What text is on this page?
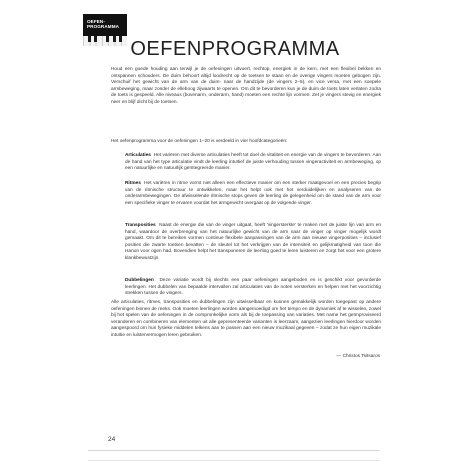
OEFEN-
PROGRAMMA
OEFENPROGRAMMA

Houd een goede houding aan terwijl je de oefeningen uitvoert, rechtop, energiek in de kern, met een flexibel bekken en ontspannen schouders. De duim behoort altijd loodrecht op de toetsen te staan en de overige vingers moeten gebogen zijn. Verschuif het gewicht van de arm van de duim- naar de handzijde (de vingers 2–5), en vice versa, met een soepele armbeweging, maar zonder de elleboog zijwaarts te openen. Om dit te bevorderen kun je de duim de toets laten verlaten zodra de toets is gespeeld. Alle niveaus (bovenarm, onderarm, hand) moeten een rechte lijn vormen. Zet je vingers stevig en energiek neer en blijf dicht bij de toetsen.

Het oefenprogramma voor de oefeningen 1–20 is verdeeld in vier hoofdcategorieën:

Articulaties Het variëren met diverse articulaties heeft tot doel de vitaliteit en energie van de vingers te bevorderen. Aan de hand van het type articulatie vindt de leerling intuïtief de juiste verhouding tussen vingeractiviteit en armbeweging, op een natuurlijke en natuurlijk geïntegreerde manier.
Ritmes Het variëren in ritme vormt niet alleen een effectieve manier om een sterker maatgevoel en een precies begrip van de ritmische structuur te ontwikkelen, maar het helpt ook met het verduidelijken en analyseren van de onderarmbewegingen. De afwisselende ritmische stops geven de leerling de gelegenheid om de stand van de arm voor een specifieke vinger te ervaren voordat het armgewicht overgaat op de volgende vinger.
Transposities Naast de energie die van de vinger uitgaat, heeft 'vingersterkte' te maken met de juiste lijn van arm en hand, waardoor de overbrenging van het natuurlijke gewicht van de arm naar de vinger op vinger mogelijk wordt gemaakt. Om dit te bereiken vormen continue flexibele aanpassingen van de arm aan nieuwe vingerposities – inclusief posities die zwarte toetsen bevatten – de sleutel tot het verkrijgen van de intensiteit en gelijkmatigheid van toon die Hanon voor ogen had. Bovendien helpt het transponeren de leerling goed te leren luisteren en zorgt het voor een grotere klankbewustzijn.
Dubbelingen Deze variatie wordt bij slechts een paar oefeningen aangeboden en is geschikt voor gevorderde leerlingen. Het dubbelen van bepaalde intervallen zal articulaties van de noten versterken en helpen met het voorzichtig strekken tussen de vingers.

Alle articulaties, ritmes, transposities en dubbelingen zijn uitwisselbaar en kunnen gemakkelijk worden toegepast op andere oefeningen binnen de reeks. Ook moeten leerlingen worden aangemoedigd om het tempo en de dynamiek af te wisselen, zowel bij het spelen van de oefeningen in de oorspronkelijke vorm als bij de toepassing van variaties. Met name het geïmproviseerd veranderen en combineren van elementen uit alle gepresenteerde varianten is leerzaam, aangezien leerlingen hierdoor worden aangespoord om hun fysieke middelen telkens aan te passen aan een nieuw muzikaal gegeven – zodat ze hun eigen muzikale intuïtie en luistervermogen leren gebruiken.

— Christos Tsitsaros
24
